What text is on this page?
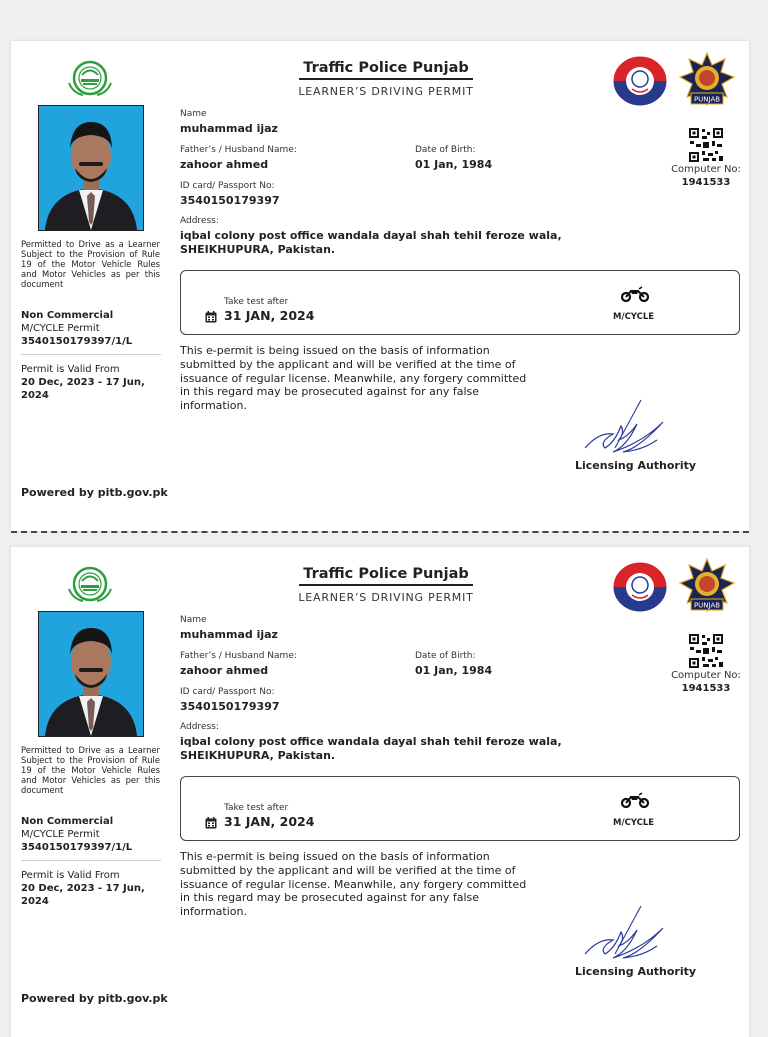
Permitted to Drive as a Learner Subject to the Provision of Rule 19 of the Motor Vehicle Rules and Motor Vehicles as per this document
Non Commercial
M/CYCLE Permit
3540150179397/1/L
Permit is Valid From
20 Dec, 2023 - 17 Jun, 2024
Powered by pitb.gov.pk
Traffic Police Punjab
LEARNER’S DRIVING PERMIT
PUNJAB
Computer No:
1941533
Name
muhammad ijaz
Father’s / Husband Name:
zahoor ahmed
Date of Birth:
01 Jan, 1984
ID card/ Passport No:
3540150179397
Address:
iqbal colony post office wandala dayal shah tehil feroze wala, SHEIKHUPURA, Pakistan.
Take test after
31 JAN, 2024	M/CYCLE
This e-permit is being issued on the basis of information submitted by the applicant and will be verified at the time of issuance of regular license. Meanwhile, any forgery committed in this regard may be prosecuted against for any false information.
Licensing Authority
Permitted to Drive as a Learner Subject to the Provision of Rule 19 of the Motor Vehicle Rules and Motor Vehicles as per this document
Non Commercial
M/CYCLE Permit
3540150179397/1/L
Permit is Valid From
20 Dec, 2023 - 17 Jun, 2024
Powered by pitb.gov.pk
Traffic Police Punjab
LEARNER’S DRIVING PERMIT
PUNJAB
Computer No:
1941533
Name
muhammad ijaz
Father’s / Husband Name:
zahoor ahmed
Date of Birth:
01 Jan, 1984
ID card/ Passport No:
3540150179397
Address:
iqbal colony post office wandala dayal shah tehil feroze wala, SHEIKHUPURA, Pakistan.
Take test after
31 JAN, 2024	M/CYCLE
This e-permit is being issued on the basis of information submitted by the applicant and will be verified at the time of issuance of regular license. Meanwhile, any forgery committed in this regard may be prosecuted against for any false information.
Licensing Authority
